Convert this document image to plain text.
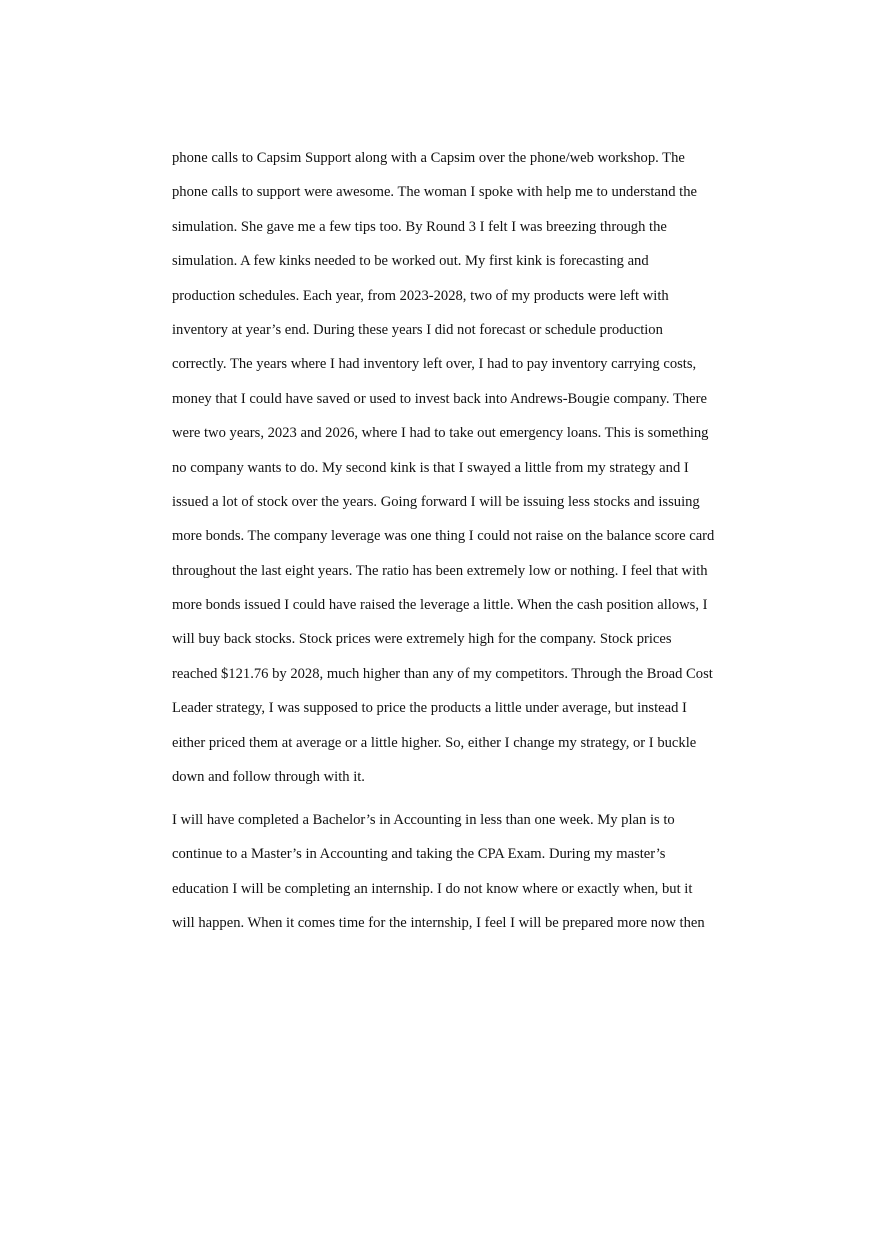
phone calls to Capsim Support along with a Capsim over the phone/web workshop. The
phone calls to support were awesome. The woman I spoke with help me to understand the
simulation. She gave me a few tips too. By Round 3 I felt I was breezing through the
simulation. A few kinks needed to be worked out. My first kink is forecasting and
production schedules. Each year, from 2023-2028, two of my products were left with
inventory at year’s end. During these years I did not forecast or schedule production
correctly. The years where I had inventory left over, I had to pay inventory carrying costs,
money that I could have saved or used to invest back into Andrews-Bougie company. There
were two years, 2023 and 2026, where I had to take out emergency loans. This is something
no company wants to do. My second kink is that I swayed a little from my strategy and I
issued a lot of stock over the years. Going forward I will be issuing less stocks and issuing
more bonds. The company leverage was one thing I could not raise on the balance score card
throughout the last eight years. The ratio has been extremely low or nothing. I feel that with
more bonds issued I could have raised the leverage a little. When the cash position allows, I
will buy back stocks. Stock prices were extremely high for the company. Stock prices
reached $121.76 by 2028, much higher than any of my competitors. Through the Broad Cost
Leader strategy, I was supposed to price the products a little under average, but instead I
either priced them at average or a little higher. So, either I change my strategy, or I buckle
down and follow through with it.

I will have completed a Bachelor’s in Accounting in less than one week. My plan is to
continue to a Master’s in Accounting and taking the CPA Exam. During my master’s
education I will be completing an internship. I do not know where or exactly when, but it
will happen. When it comes time for the internship, I feel I will be prepared more now then
